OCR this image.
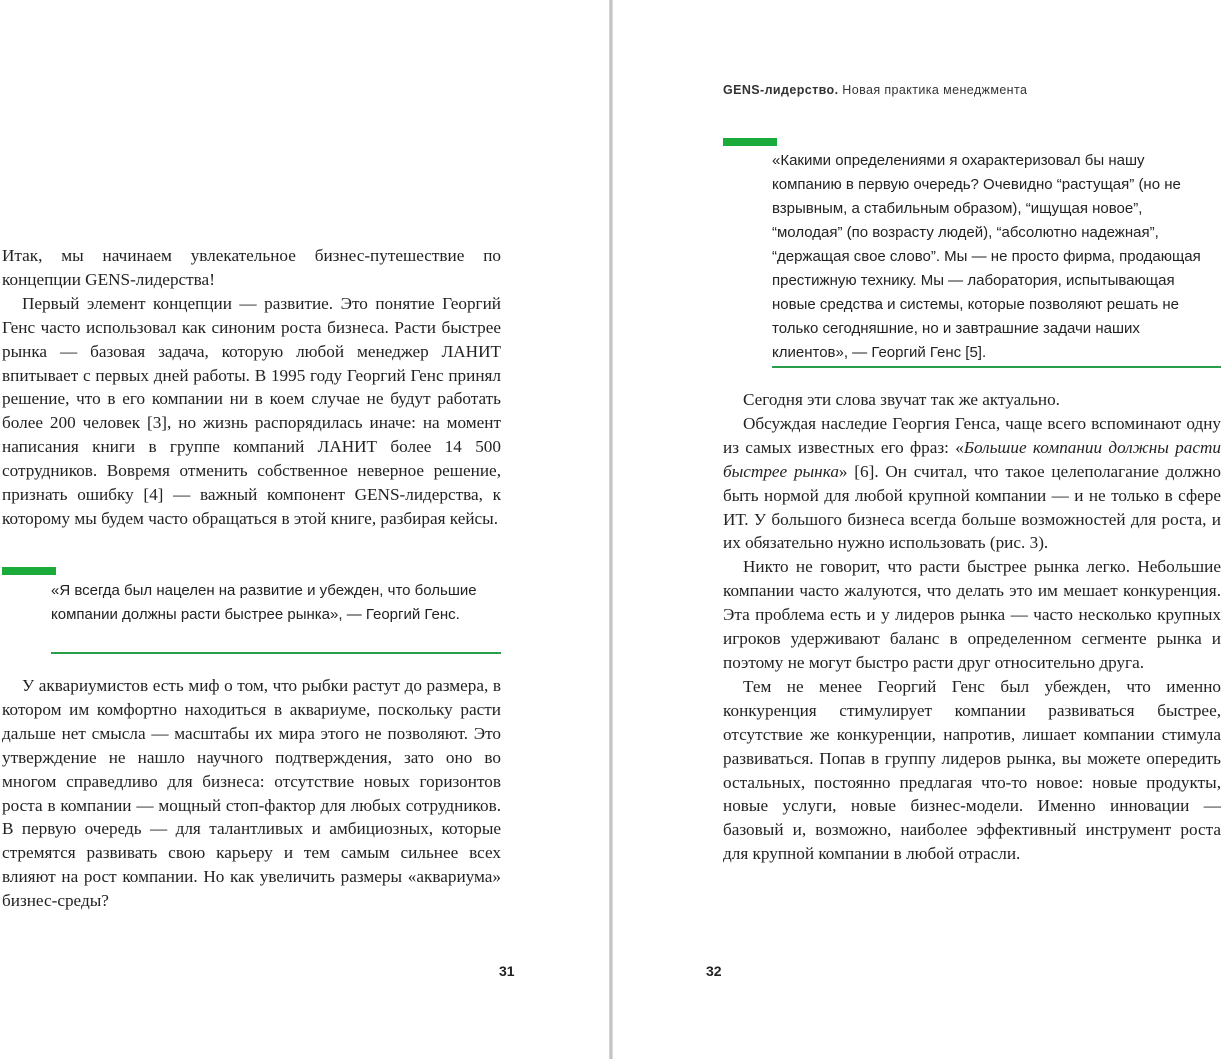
Итак, мы начинаем увлекательное бизнес-путешествие по концепции GENS-лидерства!

Первый элемент концепции — развитие. Это понятие Георгий Генс часто использовал как синоним роста бизнеса. Расти быстрее рынка — базовая задача, которую любой менеджер ЛАНИТ впитывает с первых дней работы. В 1995 году Георгий Генс принял решение, что в его компании ни в коем случае не будут работать более 200 человек [3], но жизнь распорядилась иначе: на момент написания книги в группе компаний ЛАНИТ более 14 500 сотрудников. Вовремя отменить собственное неверное решение, признать ошибку [4] — важный компонент GENS-лидерства, к которому мы будем часто обращаться в этой книге, разбирая кейсы.

«Я всегда был нацелен на развитие и убежден, что большие компании должны расти быстрее рынка», — Георгий Генс.

У аквариумистов есть миф о том, что рыбки растут до размера, в котором им комфортно находиться в аквариуме, поскольку расти дальше нет смысла — масштабы их мира этого не позволяют. Это утверждение не нашло научного подтверждения, зато оно во многом справедливо для бизнеса: отсутствие новых горизонтов роста в компании — мощный стоп-фактор для любых сотрудников. В первую очередь — для талантливых и амбициозных, которые стремятся развивать свою карьеру и тем самым сильнее всех влияют на рост компании. Но как увеличить размеры «аквариума» бизнес-среды?

31
GENS-лидерство. Новая практика менеджмента
«Какими определениями я охарактеризовал бы нашу компанию в первую очередь? Очевидно “растущая” (но не взрывным, а стабильным образом), “ищущая новое”, “молодая” (по возрасту людей), “абсолютно надежная”, “держащая свое слово”. Мы — не просто фирма, продающая престижную технику. Мы — лаборатория, испытывающая новые средства и системы, которые позволяют решать не только сегодняшние, но и завтрашние задачи наших клиентов», — Георгий Генс [5].

Сегодня эти слова звучат так же актуально.

Обсуждая наследие Георгия Генса, чаще всего вспоминают одну из самых известных его фраз: «Большие компании должны расти быстрее рынка» [6]. Он считал, что такое целеполагание должно быть нормой для любой крупной компании — и не только в сфере ИТ. У большого бизнеса всегда больше возможностей для роста, и их обязательно нужно использовать (рис. 3).

Никто не говорит, что расти быстрее рынка легко. Небольшие компании часто жалуются, что делать это им мешает конкуренция. Эта проблема есть и у лидеров рынка — часто несколько крупных игроков удерживают баланс в определенном сегменте рынка и поэтому не могут быстро расти друг относительно друга.

Тем не менее Георгий Генс был убежден, что именно конкуренция стимулирует компании развиваться быстрее, отсутствие же конкуренции, напротив, лишает компании стимула развиваться. Попав в группу лидеров рынка, вы можете опередить остальных, постоянно предлагая что-то новое: новые продукты, новые услуги, новые бизнес-модели. Именно инновации — базовый и, возможно, наиболее эффективный инструмент роста для крупной компании в любой отрасли.

32
